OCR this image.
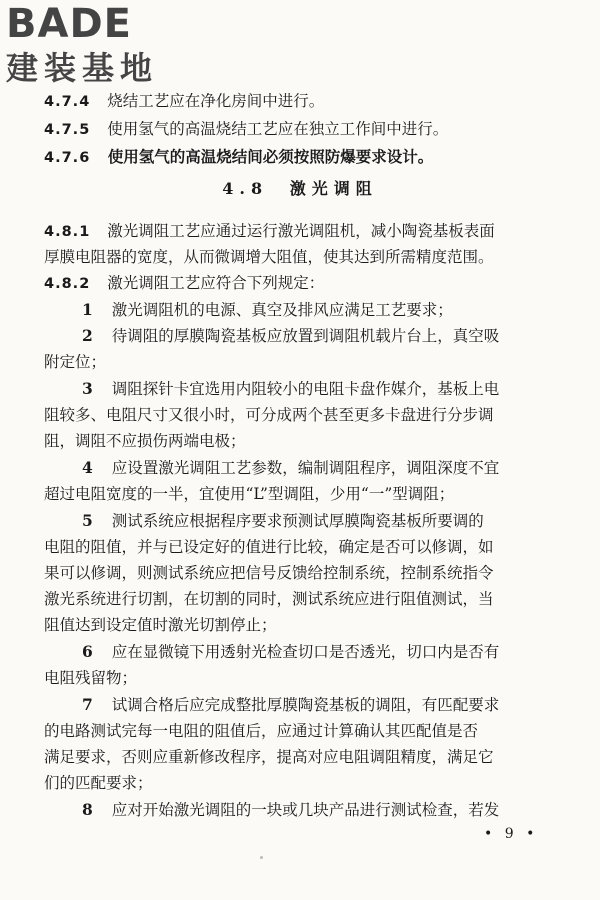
BADE
建装基地
4.7.4 烧结工艺应在净化房间中进行。
4.7.5 使用氢气的高温烧结工艺应在独立工作间中进行。
4.7.6 使用氢气的高温烧结间必须按照防爆要求设计。
4.8 激光调阻
4.8.1 激光调阻工艺应通过运行激光调阻机，减小陶瓷基板表面
厚膜电阻器的宽度，从而微调增大阻值，使其达到所需精度范围。
4.8.2 激光调阻工艺应符合下列规定：
1 激光调阻机的电源、真空及排风应满足工艺要求；
2 待调阻的厚膜陶瓷基板应放置到调阻机载片台上，真空吸
附定位；
3 调阻探针卡宜选用内阻较小的电阻卡盘作媒介，基板上电
阻较多、电阻尺寸又很小时，可分成两个甚至更多卡盘进行分步调
阻，调阻不应损伤两端电极；
4 应设置激光调阻工艺参数，编制调阻程序，调阻深度不宜
超过电阻宽度的一半，宜使用“L”型调阻，少用“一”型调阻；
5 测试系统应根据程序要求预测试厚膜陶瓷基板所要调的
电阻的阻值，并与已设定好的值进行比较，确定是否可以修调，如
果可以修调，则测试系统应把信号反馈给控制系统，控制系统指令
激光系统进行切割，在切割的同时，测试系统应进行阻值测试，当
阻值达到设定值时激光切割停止；
6 应在显微镜下用透射光检查切口是否透光，切口内是否有
电阻残留物；
7 试调合格后应完成整批厚膜陶瓷基板的调阻，有匹配要求
的电路测试完每一电阻的阻值后，应通过计算确认其匹配值是否
满足要求，否则应重新修改程序，提高对应电阻调阻精度，满足它
们的匹配要求；
8 应对开始激光调阻的一块或几块产品进行测试检查，若发
• 9 •
